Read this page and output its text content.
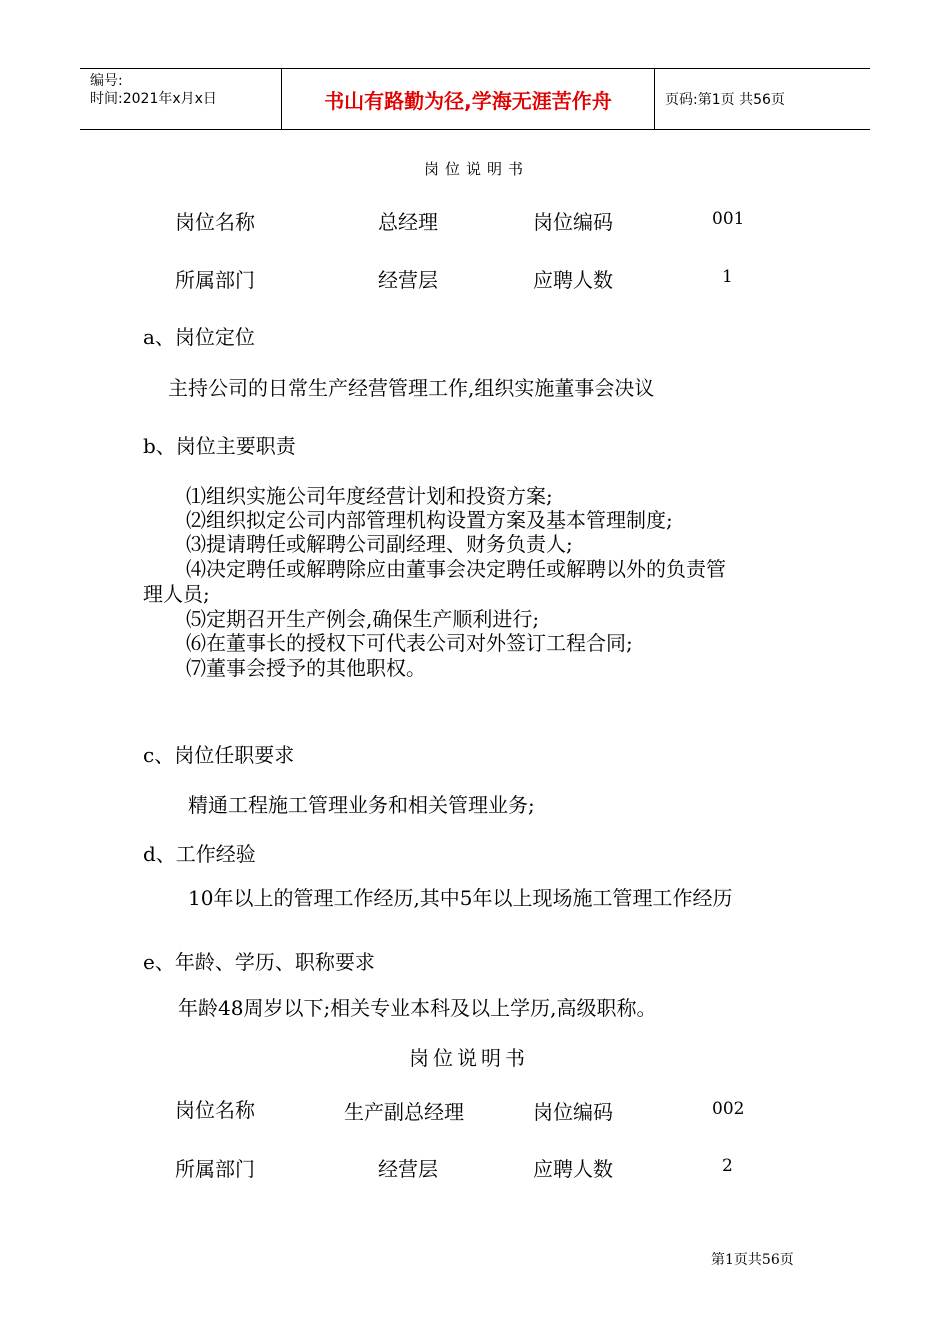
编号:
时间:2021年x月x日	书山有路勤为径,学海无涯苦作舟	页码:第1页 共56页
岗位说明书
岗位名称	总经理	岗位编码	001
所属部门	经营层	应聘人数	1
a、岗位定位
主持公司的日常生产经营管理工作,组织实施董事会决议
b、岗位主要职责
⑴组织实施公司年度经营计划和投资方案;
⑵组织拟定公司内部管理机构设置方案及基本管理制度;
⑶提请聘任或解聘公司副经理、财务负责人;
⑷决定聘任或解聘除应由董事会决定聘任或解聘以外的负责管
理人员;
⑸定期召开生产例会,确保生产顺利进行;
⑹在董事长的授权下可代表公司对外签订工程合同;
⑺董事会授予的其他职权。
c、岗位任职要求
精通工程施工管理业务和相关管理业务;
d、工作经验
10年以上的管理工作经历,其中5年以上现场施工管理工作经历
e、年龄、学历、职称要求
年龄48周岁以下;相关专业本科及以上学历,高级职称。
岗位说明书
岗位名称	生产副总经理	岗位编码	002
所属部门	经营层	应聘人数	2
第1页共56页
